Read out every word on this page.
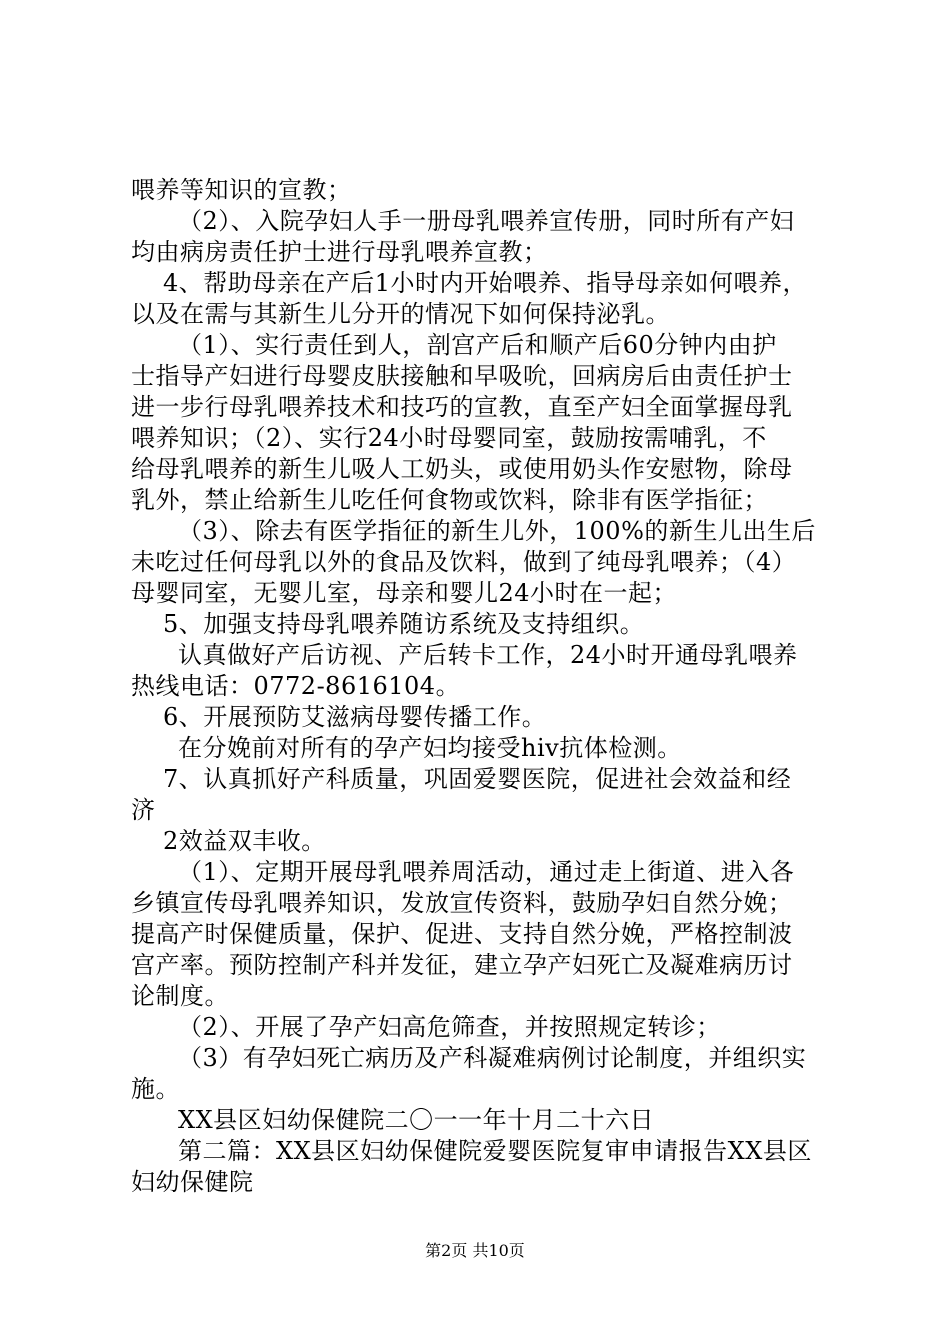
喂养等知识的宣教；
（2）、入院孕妇人手一册母乳喂养宣传册，同时所有产妇
均由病房责任护士进行母乳喂养宣教；
4、帮助母亲在产后1小时内开始喂养、指导母亲如何喂养，
以及在需与其新生儿分开的情况下如何保持泌乳。
（1）、实行责任到人，剖宫产后和顺产后60分钟内由护
士指导产妇进行母婴皮肤接触和早吸吮，回病房后由责任护士
进一步行母乳喂养技术和技巧的宣教，直至产妇全面掌握母乳
喂养知识；（2）、实行24小时母婴同室，鼓励按需哺乳，不
给母乳喂养的新生儿吸人工奶头，或使用奶头作安慰物，除母
乳外，禁止给新生儿吃任何食物或饮料，除非有医学指征；
（3）、除去有医学指征的新生儿外，100%的新生儿出生后
未吃过任何母乳以外的食品及饮料，做到了纯母乳喂养；（4）
母婴同室，无婴儿室，母亲和婴儿24小时在一起；
5、加强支持母乳喂养随访系统及支持组织。
认真做好产后访视、产后转卡工作，24小时开通母乳喂养
热线电话：0772-8616104。
6、开展预防艾滋病母婴传播工作。
在分娩前对所有的孕产妇均接受hiv抗体检测。
7、认真抓好产科质量，巩固爱婴医院，促进社会效益和经
济
2效益双丰收。
（1）、定期开展母乳喂养周活动，通过走上街道、进入各
乡镇宣传母乳喂养知识，发放宣传资料，鼓励孕妇自然分娩；
提高产时保健质量，保护、促进、支持自然分娩，严格控制波
宫产率。预防控制产科并发征，建立孕产妇死亡及凝难病历讨
论制度。
（2）、开展了孕产妇高危筛查，并按照规定转诊；
（3）有孕妇死亡病历及产科凝难病例讨论制度，并组织实
施。
XX县区妇幼保健院二〇一一年十月二十六日
第二篇：XX县区妇幼保健院爱婴医院复审申请报告XX县区
妇幼保健院
第2页 共10页
